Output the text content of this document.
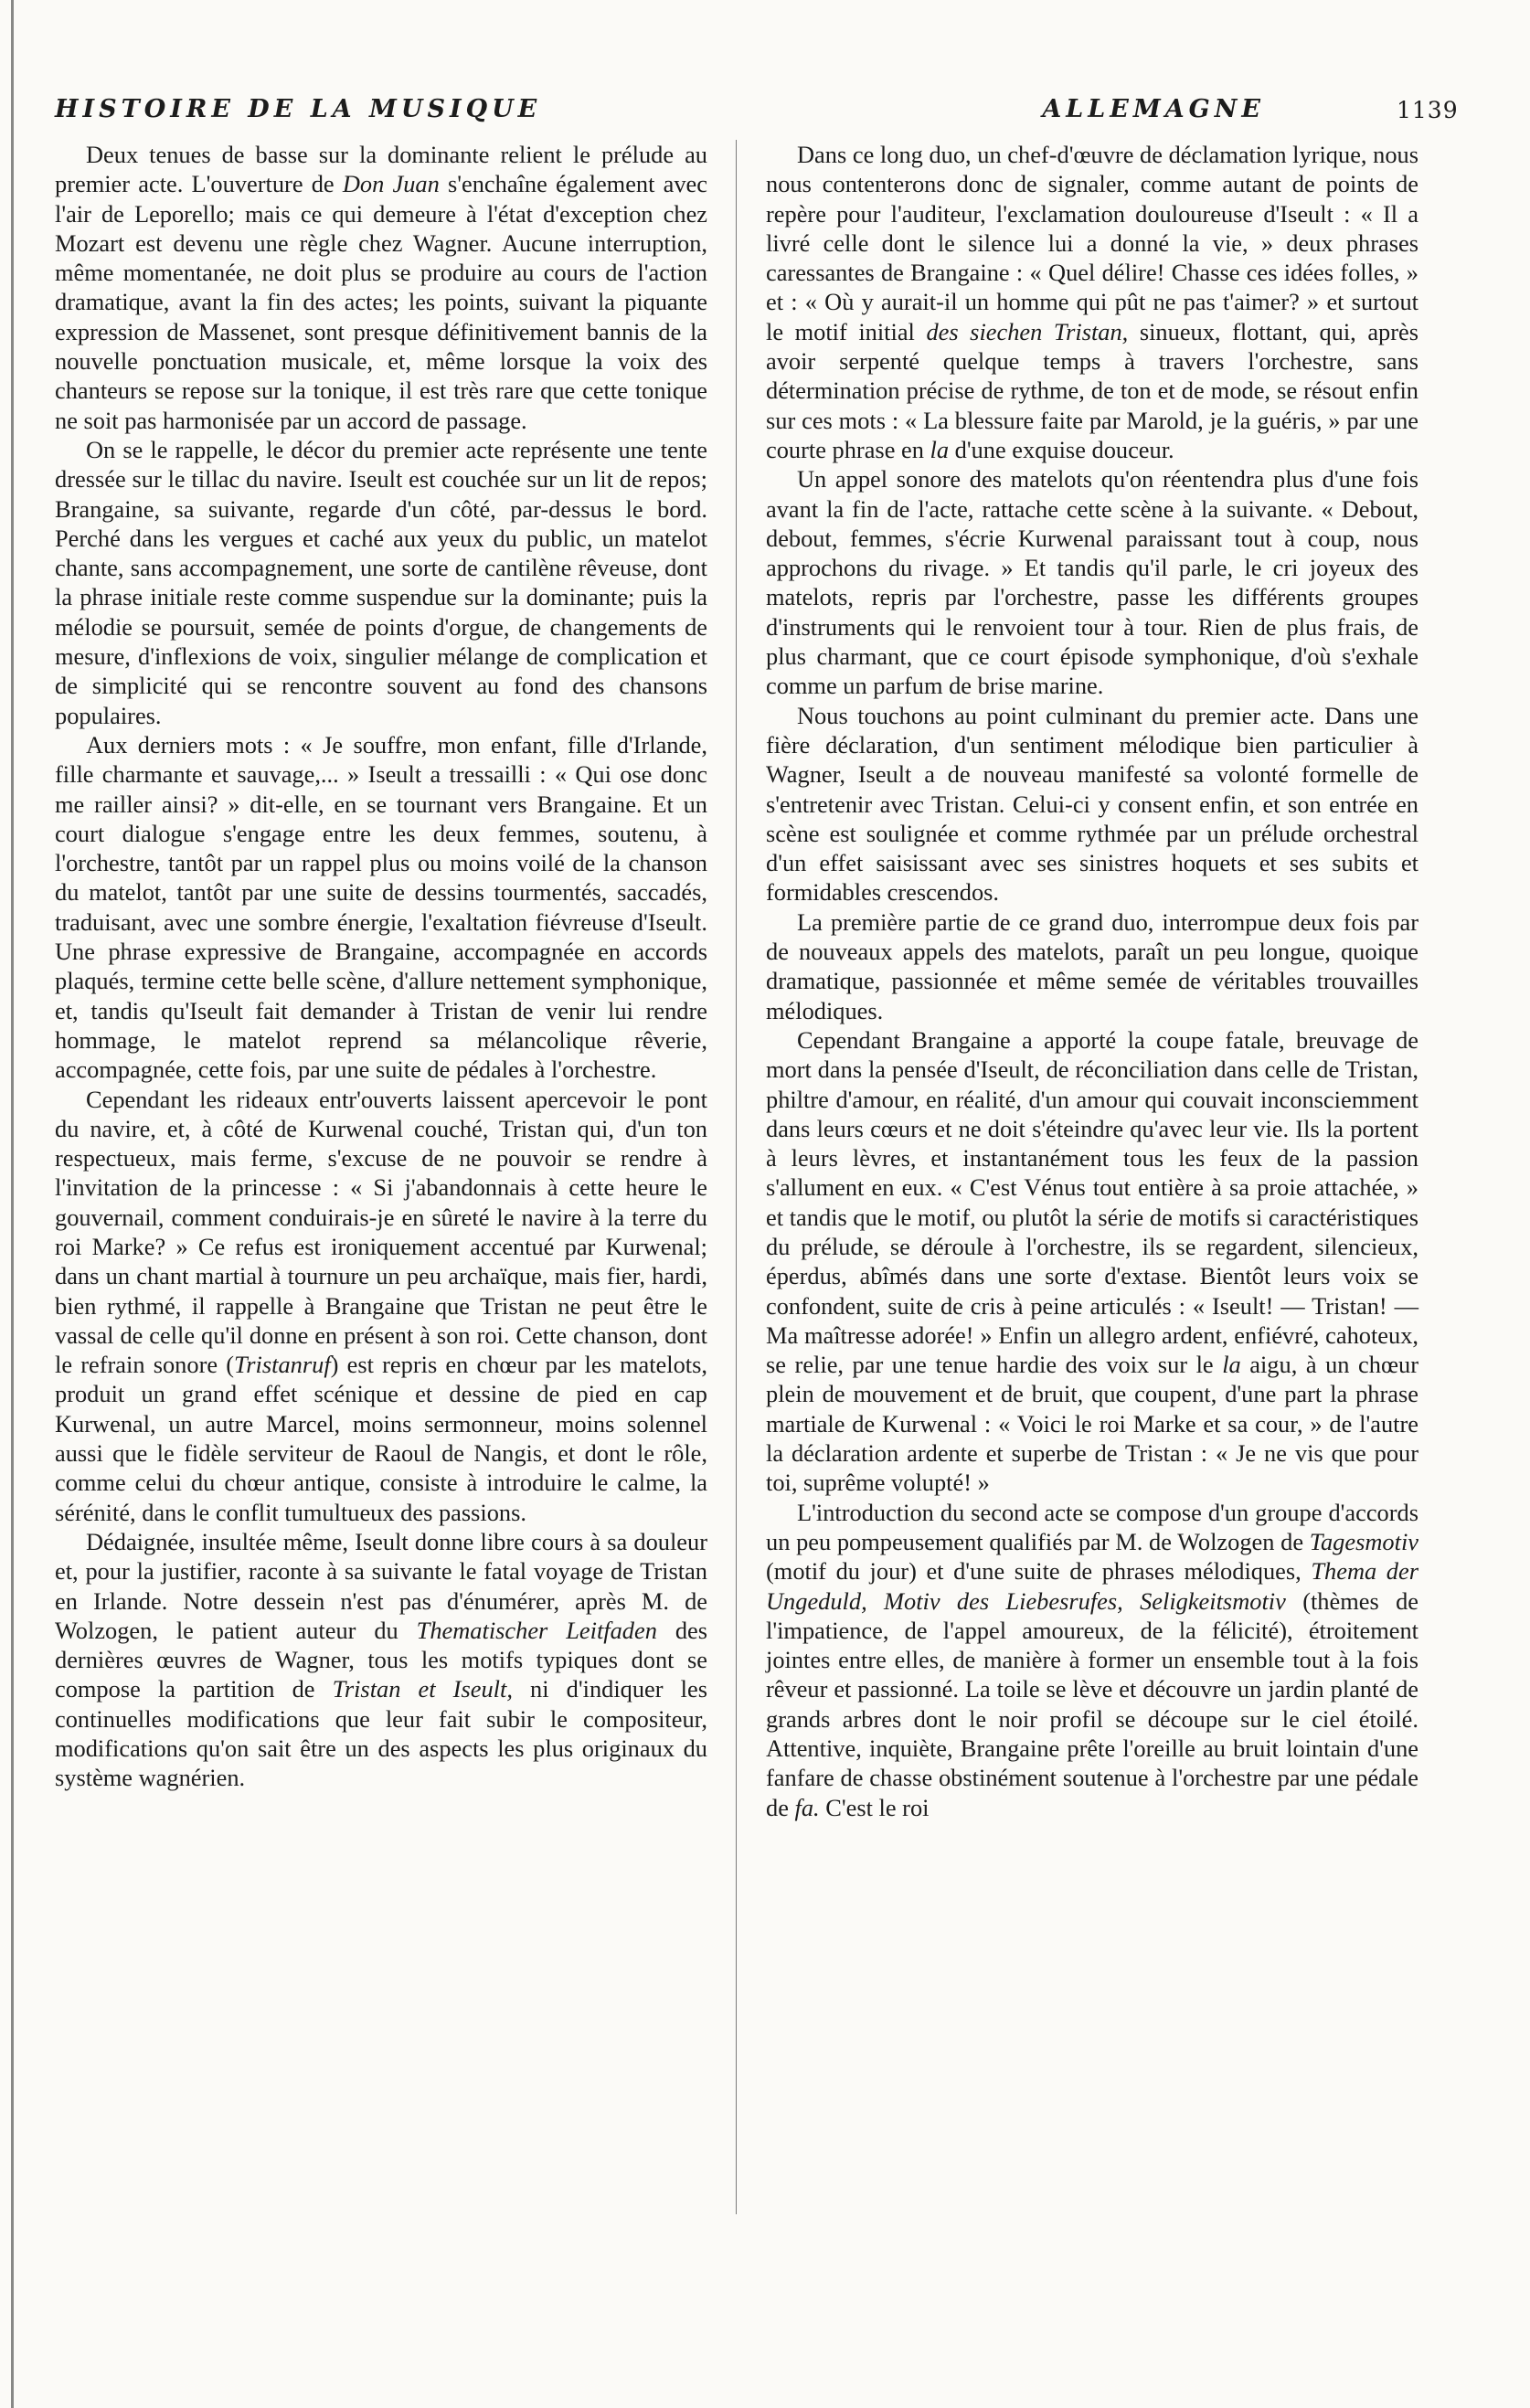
HISTOIRE DE LA MUSIQUE	ALLEMAGNE	1139

Deux tenues de basse sur la dominante relient le prélude au premier acte. L'ouverture de Don Juan s'enchaîne également avec l'air de Leporello; mais ce qui demeure à l'état d'exception chez Mozart est devenu une règle chez Wagner. Aucune interruption, même momentanée, ne doit plus se produire au cours de l'action dramatique, avant la fin des actes; les points, suivant la piquante expression de Massenet, sont presque définitivement bannis de la nouvelle ponctuation musicale, et, même lorsque la voix des chanteurs se repose sur la tonique, il est très rare que cette tonique ne soit pas harmonisée par un accord de passage.

On se le rappelle, le décor du premier acte représente une tente dressée sur le tillac du navire. Iseult est couchée sur un lit de repos; Brangaine, sa suivante, regarde d'un côté, par-dessus le bord. Perché dans les vergues et caché aux yeux du public, un matelot chante, sans accompagnement, une sorte de cantilène rêveuse, dont la phrase initiale reste comme suspendue sur la dominante; puis la mélodie se poursuit, semée de points d'orgue, de changements de mesure, d'inflexions de voix, singulier mélange de complication et de simplicité qui se rencontre souvent au fond des chansons populaires.

Aux derniers mots : « Je souffre, mon enfant, fille d'Irlande, fille charmante et sauvage,... » Iseult a tressailli : « Qui ose donc me railler ainsi? » dit-elle, en se tournant vers Brangaine. Et un court dialogue s'engage entre les deux femmes, soutenu, à l'orchestre, tantôt par un rappel plus ou moins voilé de la chanson du matelot, tantôt par une suite de dessins tourmentés, saccadés, traduisant, avec une sombre énergie, l'exaltation fiévreuse d'Iseult. Une phrase expressive de Brangaine, accompagnée en accords plaqués, termine cette belle scène, d'allure nettement symphonique, et, tandis qu'Iseult fait demander à Tristan de venir lui rendre hommage, le matelot reprend sa mélancolique rêverie, accompagnée, cette fois, par une suite de pédales à l'orchestre.

Cependant les rideaux entr'ouverts laissent apercevoir le pont du navire, et, à côté de Kurwenal couché, Tristan qui, d'un ton respectueux, mais ferme, s'excuse de ne pouvoir se rendre à l'invitation de la princesse : « Si j'abandonnais à cette heure le gouvernail, comment conduirais-je en sûreté le navire à la terre du roi Marke? » Ce refus est ironiquement accentué par Kurwenal; dans un chant martial à tournure un peu archaïque, mais fier, hardi, bien rythmé, il rappelle à Brangaine que Tristan ne peut être le vassal de celle qu'il donne en présent à son roi. Cette chanson, dont le refrain sonore (Tristanruf) est repris en chœur par les matelots, produit un grand effet scénique et dessine de pied en cap Kurwenal, un autre Marcel, moins sermonneur, moins solennel aussi que le fidèle serviteur de Raoul de Nangis, et dont le rôle, comme celui du chœur antique, consiste à introduire le calme, la sérénité, dans le conflit tumultueux des passions.

Dédaignée, insultée même, Iseult donne libre cours à sa douleur et, pour la justifier, raconte à sa suivante le fatal voyage de Tristan en Irlande. Notre dessein n'est pas d'énumérer, après M. de Wolzogen, le patient auteur du Thematischer Leitfaden des dernières œuvres de Wagner, tous les motifs typiques dont se compose la partition de Tristan et Iseult, ni d'indiquer les continuelles modifications que leur fait subir le compositeur, modifications qu'on sait être un des aspects les plus originaux du système wagnérien.

Dans ce long duo, un chef-d'œuvre de déclamation lyrique, nous nous contenterons donc de signaler, comme autant de points de repère pour l'auditeur, l'exclamation douloureuse d'Iseult : « Il a livré celle dont le silence lui a donné la vie, » deux phrases caressantes de Brangaine : « Quel délire! Chasse ces idées folles, » et : « Où y aurait-il un homme qui pût ne pas t'aimer? » et surtout le motif initial des siechen Tristan, sinueux, flottant, qui, après avoir serpenté quelque temps à travers l'orchestre, sans détermination précise de rythme, de ton et de mode, se résout enfin sur ces mots : « La blessure faite par Marold, je la guéris, » par une courte phrase en la d'une exquise douceur.

Un appel sonore des matelots qu'on réentendra plus d'une fois avant la fin de l'acte, rattache cette scène à la suivante. « Debout, debout, femmes, s'écrie Kurwenal paraissant tout à coup, nous approchons du rivage. » Et tandis qu'il parle, le cri joyeux des matelots, repris par l'orchestre, passe les différents groupes d'instruments qui le renvoient tour à tour. Rien de plus frais, de plus charmant, que ce court épisode symphonique, d'où s'exhale comme un parfum de brise marine.

Nous touchons au point culminant du premier acte. Dans une fière déclaration, d'un sentiment mélodique bien particulier à Wagner, Iseult a de nouveau manifesté sa volonté formelle de s'entretenir avec Tristan. Celui-ci y consent enfin, et son entrée en scène est soulignée et comme rythmée par un prélude orchestral d'un effet saisissant avec ses sinistres hoquets et ses subits et formidables crescendos.

La première partie de ce grand duo, interrompue deux fois par de nouveaux appels des matelots, paraît un peu longue, quoique dramatique, passionnée et même semée de véritables trouvailles mélodiques.

Cependant Brangaine a apporté la coupe fatale, breuvage de mort dans la pensée d'Iseult, de réconciliation dans celle de Tristan, philtre d'amour, en réalité, d'un amour qui couvait inconsciemment dans leurs cœurs et ne doit s'éteindre qu'avec leur vie. Ils la portent à leurs lèvres, et instantanément tous les feux de la passion s'allument en eux. « C'est Vénus tout entière à sa proie attachée, » et tandis que le motif, ou plutôt la série de motifs si caractéristiques du prélude, se déroule à l'orchestre, ils se regardent, silencieux, éperdus, abîmés dans une sorte d'extase. Bientôt leurs voix se confondent, suite de cris à peine articulés : « Iseult! — Tristan! — Ma maîtresse adorée! » Enfin un allegro ardent, enfiévré, cahoteux, se relie, par une tenue hardie des voix sur le la aigu, à un chœur plein de mouvement et de bruit, que coupent, d'une part la phrase martiale de Kurwenal : « Voici le roi Marke et sa cour, » de l'autre la déclaration ardente et superbe de Tristan : « Je ne vis que pour toi, suprême volupté! »

L'introduction du second acte se compose d'un groupe d'accords un peu pompeusement qualifiés par M. de Wolzogen de Tagesmotiv (motif du jour) et d'une suite de phrases mélodiques, Thema der Ungeduld, Motiv des Liebesrufes, Seligkeitsmotiv (thèmes de l'impatience, de l'appel amoureux, de la félicité), étroitement jointes entre elles, de manière à former un ensemble tout à la fois rêveur et passionné. La toile se lève et découvre un jardin planté de grands arbres dont le noir profil se découpe sur le ciel étoilé. Attentive, inquiète, Brangaine prête l'oreille au bruit lointain d'une fanfare de chasse obstinément soutenue à l'orchestre par une pédale de fa. C'est le roi
